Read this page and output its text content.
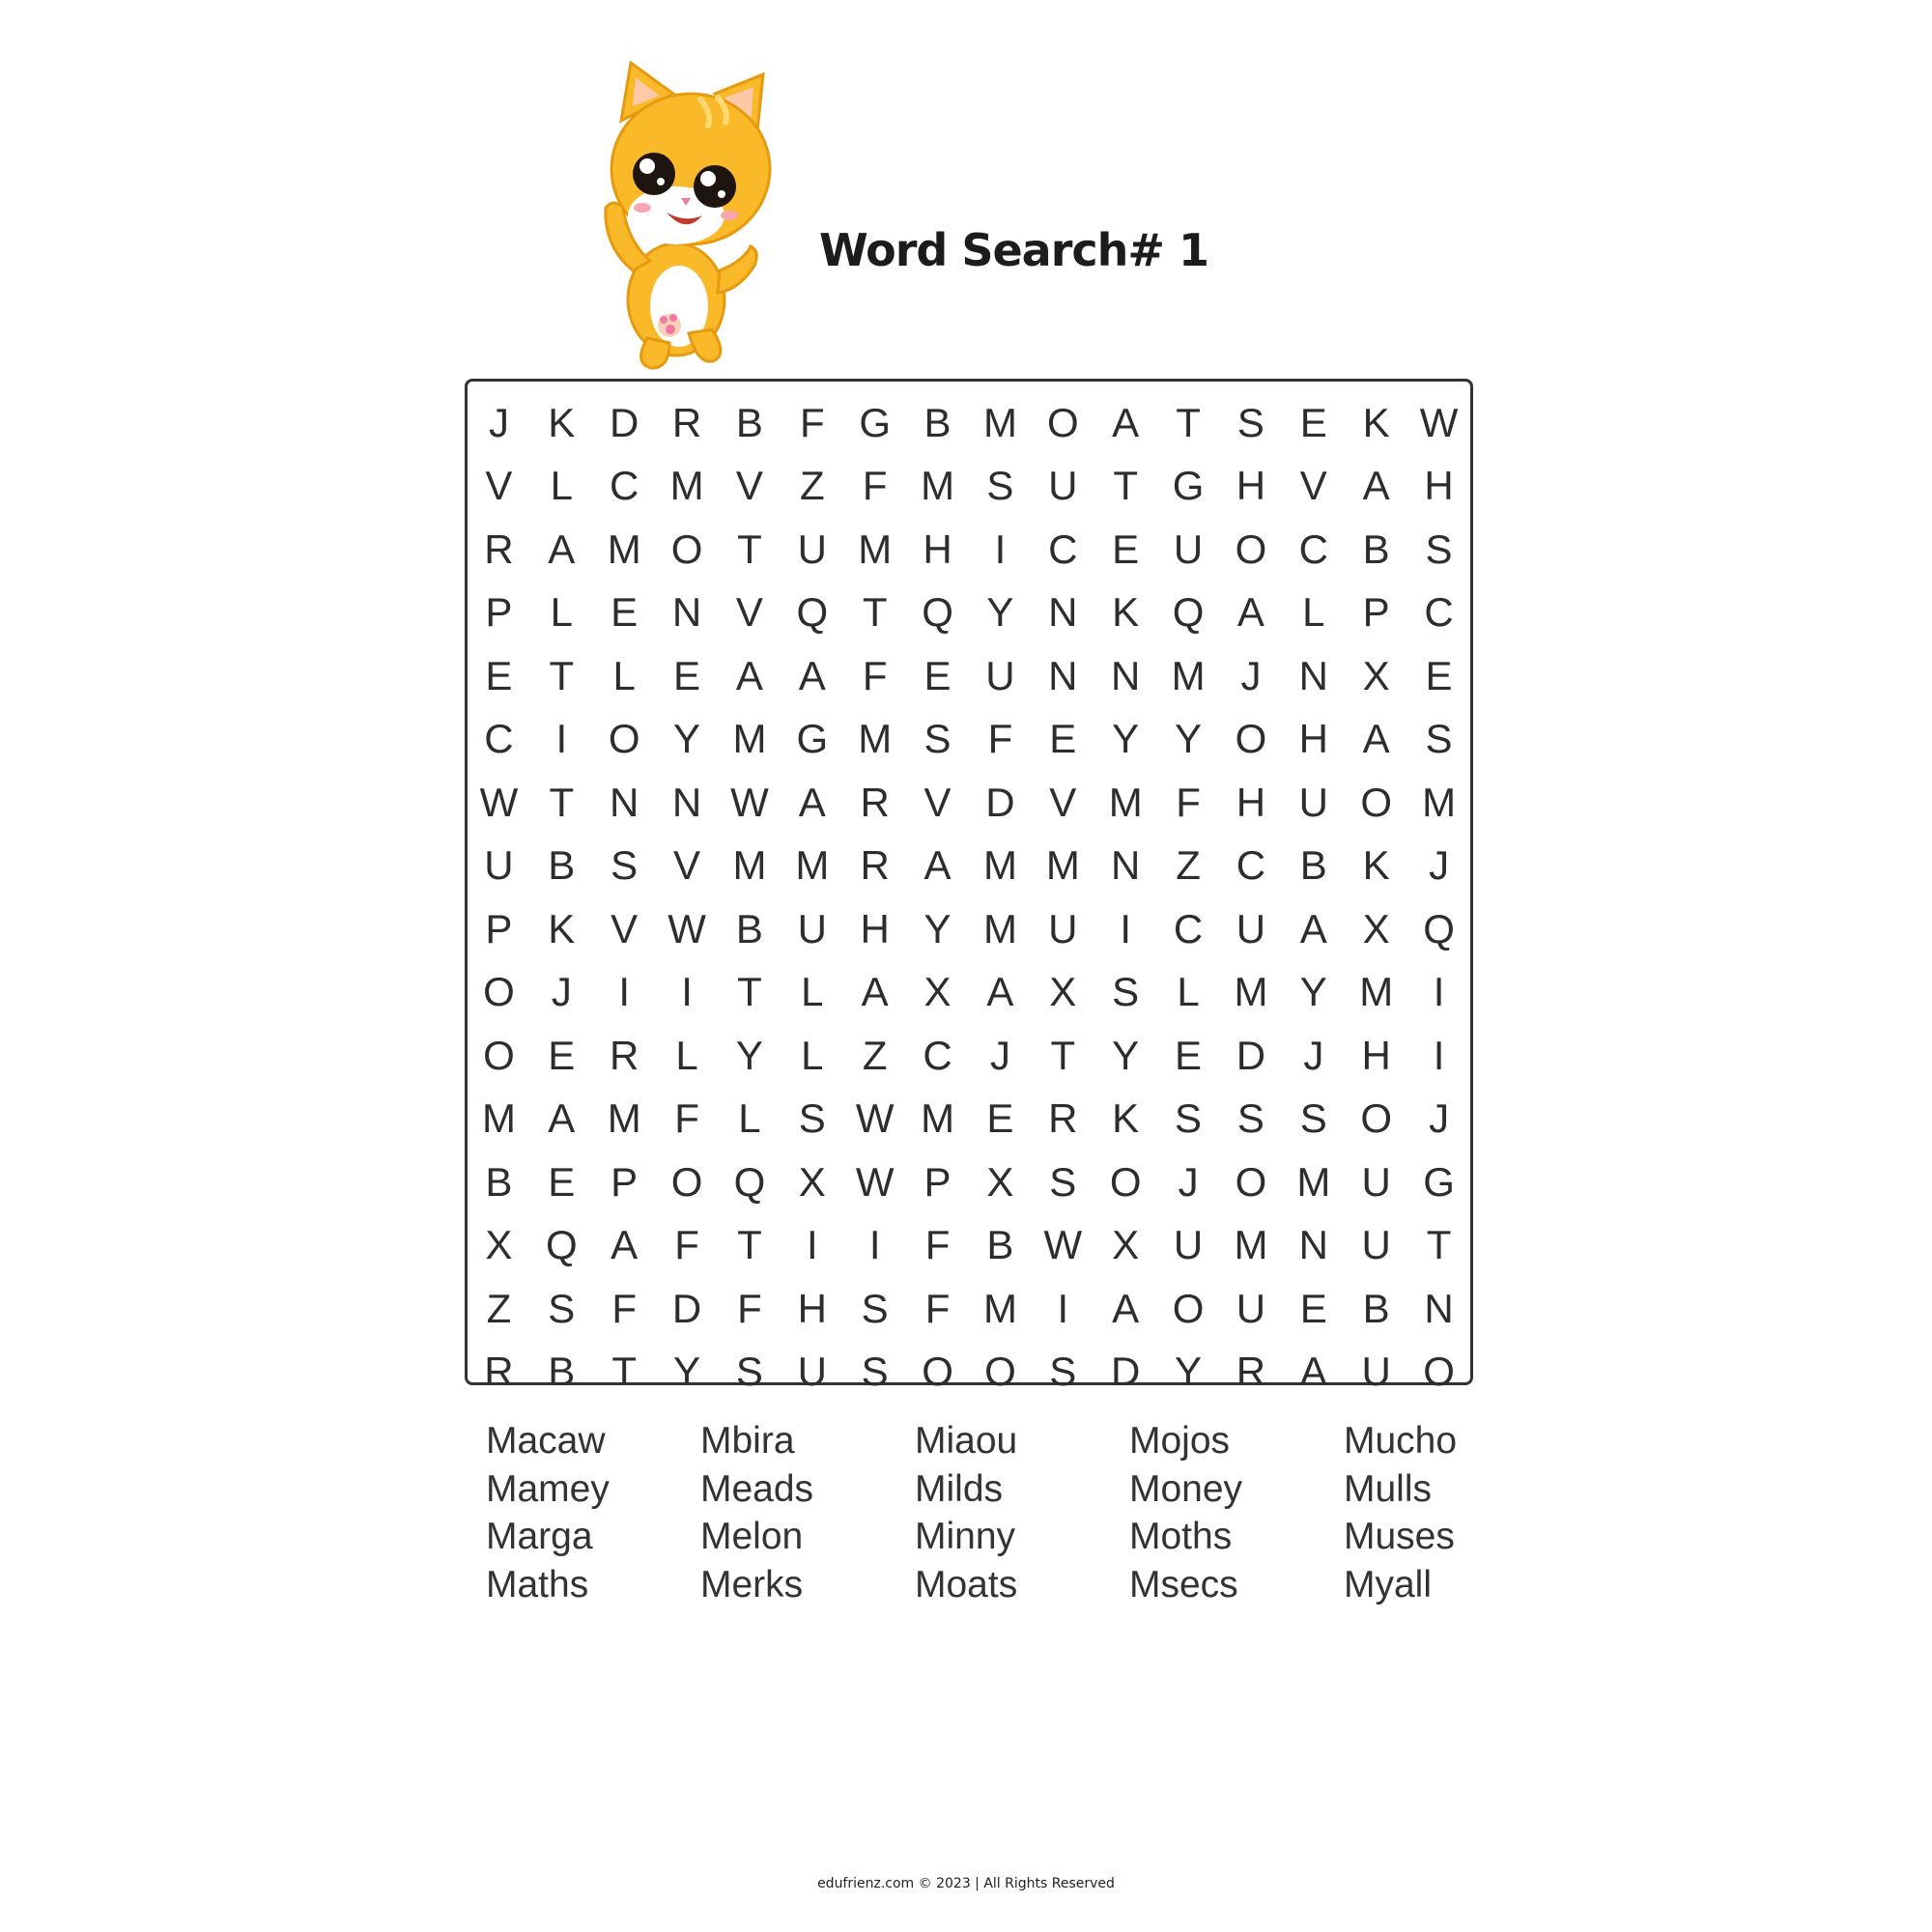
Word Search# 1
J K D R B F G B M O A T S E K W
V L C M V Z F M S U T G H V A H
R A M O T U M H	I	C E U O C B S
P L E N V Q T Q Y N K Q A L P C
E T L E A A F E U N N M J N X E
C	I	O Y M G M S F E Y Y O H A S
W T N N W A R V D V M F H U O M
U B S V M M R A M M N Z C B K J
P K V W B U H Y M U	I	C U A X Q
O J	I	I	T L A X A X S L M Y M I
O E R L Y L Z C J T Y E D J H	I
M A M F L S W M E R K S S S O J
B E P O Q X W P X S O J O M U G
X Q A F T	I	I	F B W X U M N U T
Z S F D F H S F M I	A O U E B N
R B T Y S U S O O S D Y R A U O
Macaw
Mamey
Marga
Maths
Mbira
Meads
Melon
Merks
Miaou
Milds
Minny
Moats
Mojos
Money
Moths
Msecs
Mucho
Mulls
Muses
Myall
edufrienz.com © 2023 | All Rights Reserved
